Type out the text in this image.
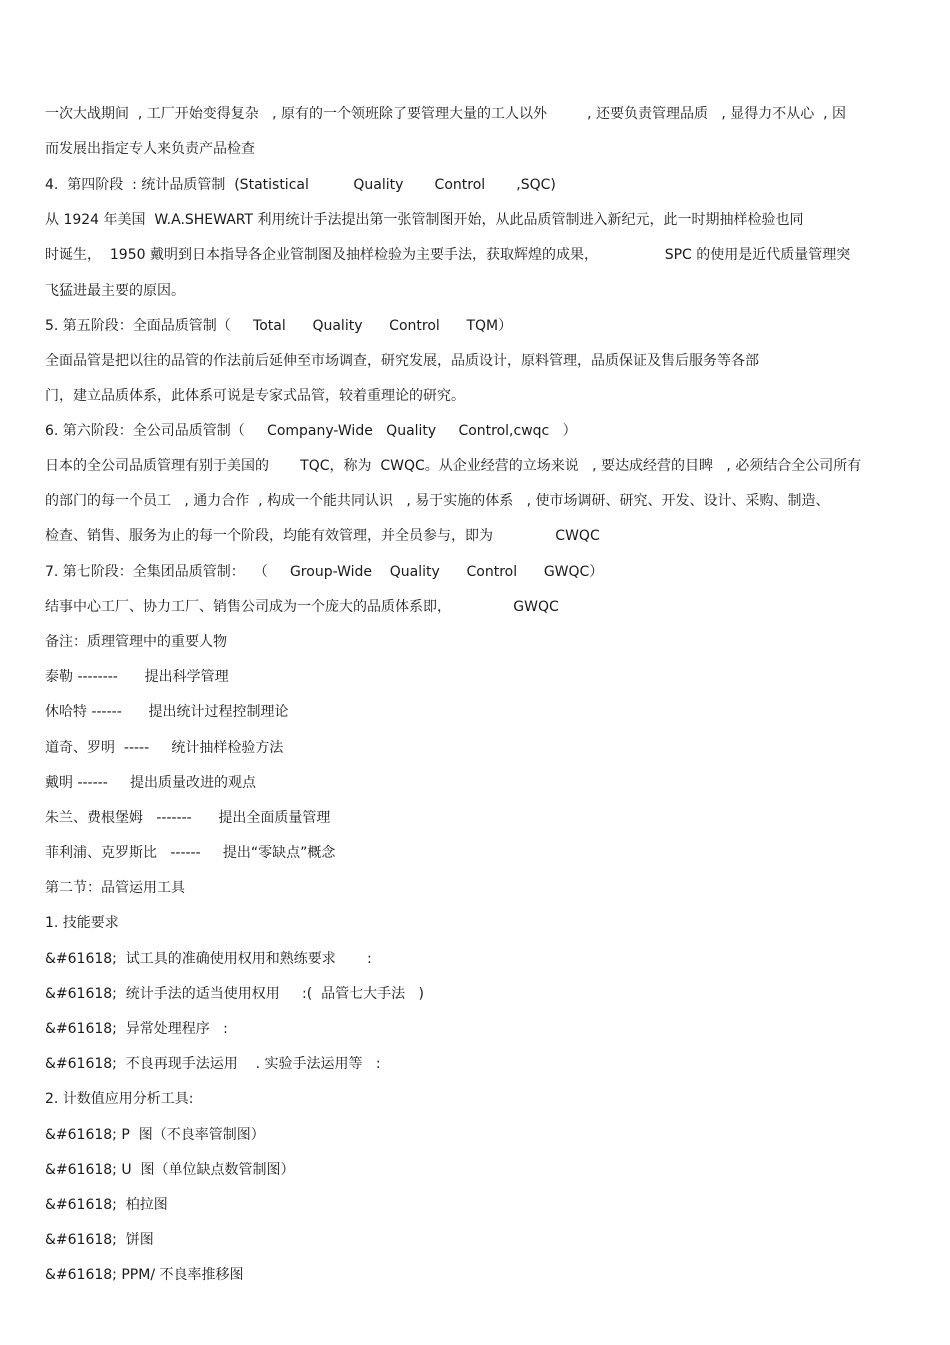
一次大战期间  , 工厂开始变得复杂   , 原有的一个领班除了要管理大量的工人以外         , 还要负责管理品质   , 显得力不从心  , 因
而发展出指定专人来负责产品检查
4.  第四阶段  : 统计品质管制  (Statistical          Quality       Control       ,SQC)
从 1924 年美国  W.A.SHEWART 利用统计手法提出第一张管制图开始，从此品质管制进入新纪元，此一时期抽样检验也同
时诞生，  1950 戴明到日本指导各企业管制图及抽样检验为主要手法，获取辉煌的成果，               SPC 的使用是近代质量管理突
飞猛进最主要的原因。
5. 第五阶段：全面品质管制（     Total      Quality      Control      TQM）
全面品管是把以往的品管的作法前后延伸至市场调查，研究发展，品质设计，原料管理，品质保证及售后服务等各部
门，建立品质体系，此体系可说是专家式品管，较着重理论的研究。
6. 第六阶段：全公司品质管制（     Company-Wide   Quality     Control,cwqc   ）
日本的全公司品质管理有别于美国的       TQC，称为  CWQC。从企业经营的立场来说   , 要达成经营的目睥   , 必须结合全公司所有
的部门的每一个员工   , 通力合作  , 构成一个能共同认识   , 易于实施的体系   , 使市场调研、研究、开发、设计、采购、制造、
检查、销售、服务为止的每一个阶段，均能有效管理，并全员参与，即为              CWQC
7. 第七阶段：全集团品质管制：  （     Group-Wide    Quality      Control      GWQC）
结事中心工厂、协力工厂、销售公司成为一个庞大的品质体系即，              GWQC
备注：质理管理中的重要人物
泰勒 --------      提出科学管理
休哈特 ------      提出统计过程控制理论
道奇、罗明  -----     统计抽样检验方法
戴明 ------     提出质量改进的观点
朱兰、费根堡姆   -------      提出全面质量管理
菲利浦、克罗斯比   ------     提出“零缺点”概念
第二节：品管运用工具
1. 技能要求
&#61618;  试工具的准确使用权用和熟练要求       :
&#61618;  统计手法的适当使用权用     :(  品管七大手法   )
&#61618;  异常处理程序   :
&#61618;  不良再现手法运用    . 实验手法运用等   :
2. 计数值应用分析工具:
&#61618; P  图（不良率管制图）
&#61618; U  图（单位缺点数管制图）
&#61618;  柏拉图
&#61618;  饼图
&#61618; PPM/ 不良率推移图
